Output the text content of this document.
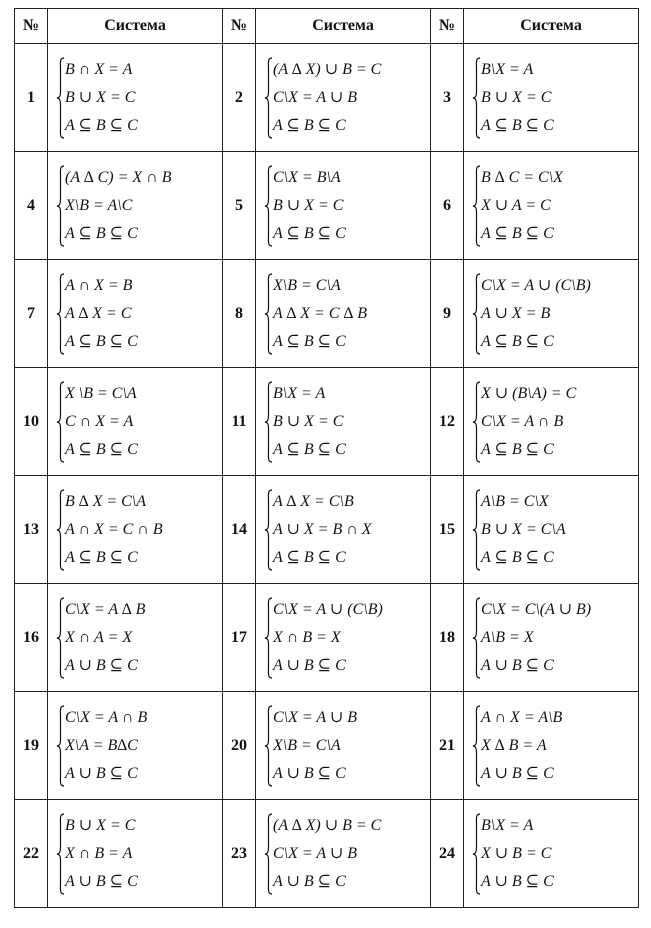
№	Система	№	Система	№	Система
1	B ∩ X = A
B ∪ X = C
A ⊆ B ⊆ C	2	(A ∆ X) ∪ B = C
C\X = A ∪ B
A ⊆ B ⊆ C	3	B\X = A
B ∪ X = C
A ⊆ B ⊆ C

4	(A ∆ C) = X ∩ B
X\B = A\C
A ⊆ B ⊆ C	5	C\X = B\A
B ∪ X = C
A ⊆ B ⊆ C	6	B ∆ C = C\X
X ∪ A = C
A ⊆ B ⊆ C

7	A ∩ X = B
A ∆ X = C
A ⊆ B ⊆ C	8	X\B = C\A
A ∆ X = C ∆ B
A ⊆ B ⊆ C	9	C\X = A ∪ (C\B)
A ∪ X = B
A ⊆ B ⊆ C

10	X \B = C\A
C ∩ X = A
A ⊆ B ⊆ C	11	B\X = A
B ∪ X = C
A ⊆ B ⊆ C	12	X ∪ (B\A) = C
C\X = A ∩ B
A ⊆ B ⊆ C

13	B ∆ X = C\A
A ∩ X = C ∩ B
A ⊆ B ⊆ C	14	A ∆ X = C\B
A ∪ X = B ∩ X
A ⊆ B ⊆ C	15	A\B = C\X
B ∪ X = C\A
A ⊆ B ⊆ C

16	C\X = A ∆ B
X ∩ A = X
A ∪ B ⊆ C	17	C\X = A ∪ (C\B)
X ∩ B = X
A ∪ B ⊆ C	18	C\X = C\(A ∪ B)
A\B = X
A ∪ B ⊆ C

19	C\X = A ∩ B
X\A = B∆C
A ∪ B ⊆ C	20	C\X = A ∪ B
X\B = C\A
A ∪ B ⊆ C	21	A ∩ X = A\B
X ∆ B = A
A ∪ B ⊆ C

22	B ∪ X = C
X ∩ B = A
A ∪ B ⊆ C	23	(A ∆ X) ∪ B = C
C\X = A ∪ B
A ∪ B ⊆ C	24	B\X = A
X ∪ B = C
A ∪ B ⊆ C
